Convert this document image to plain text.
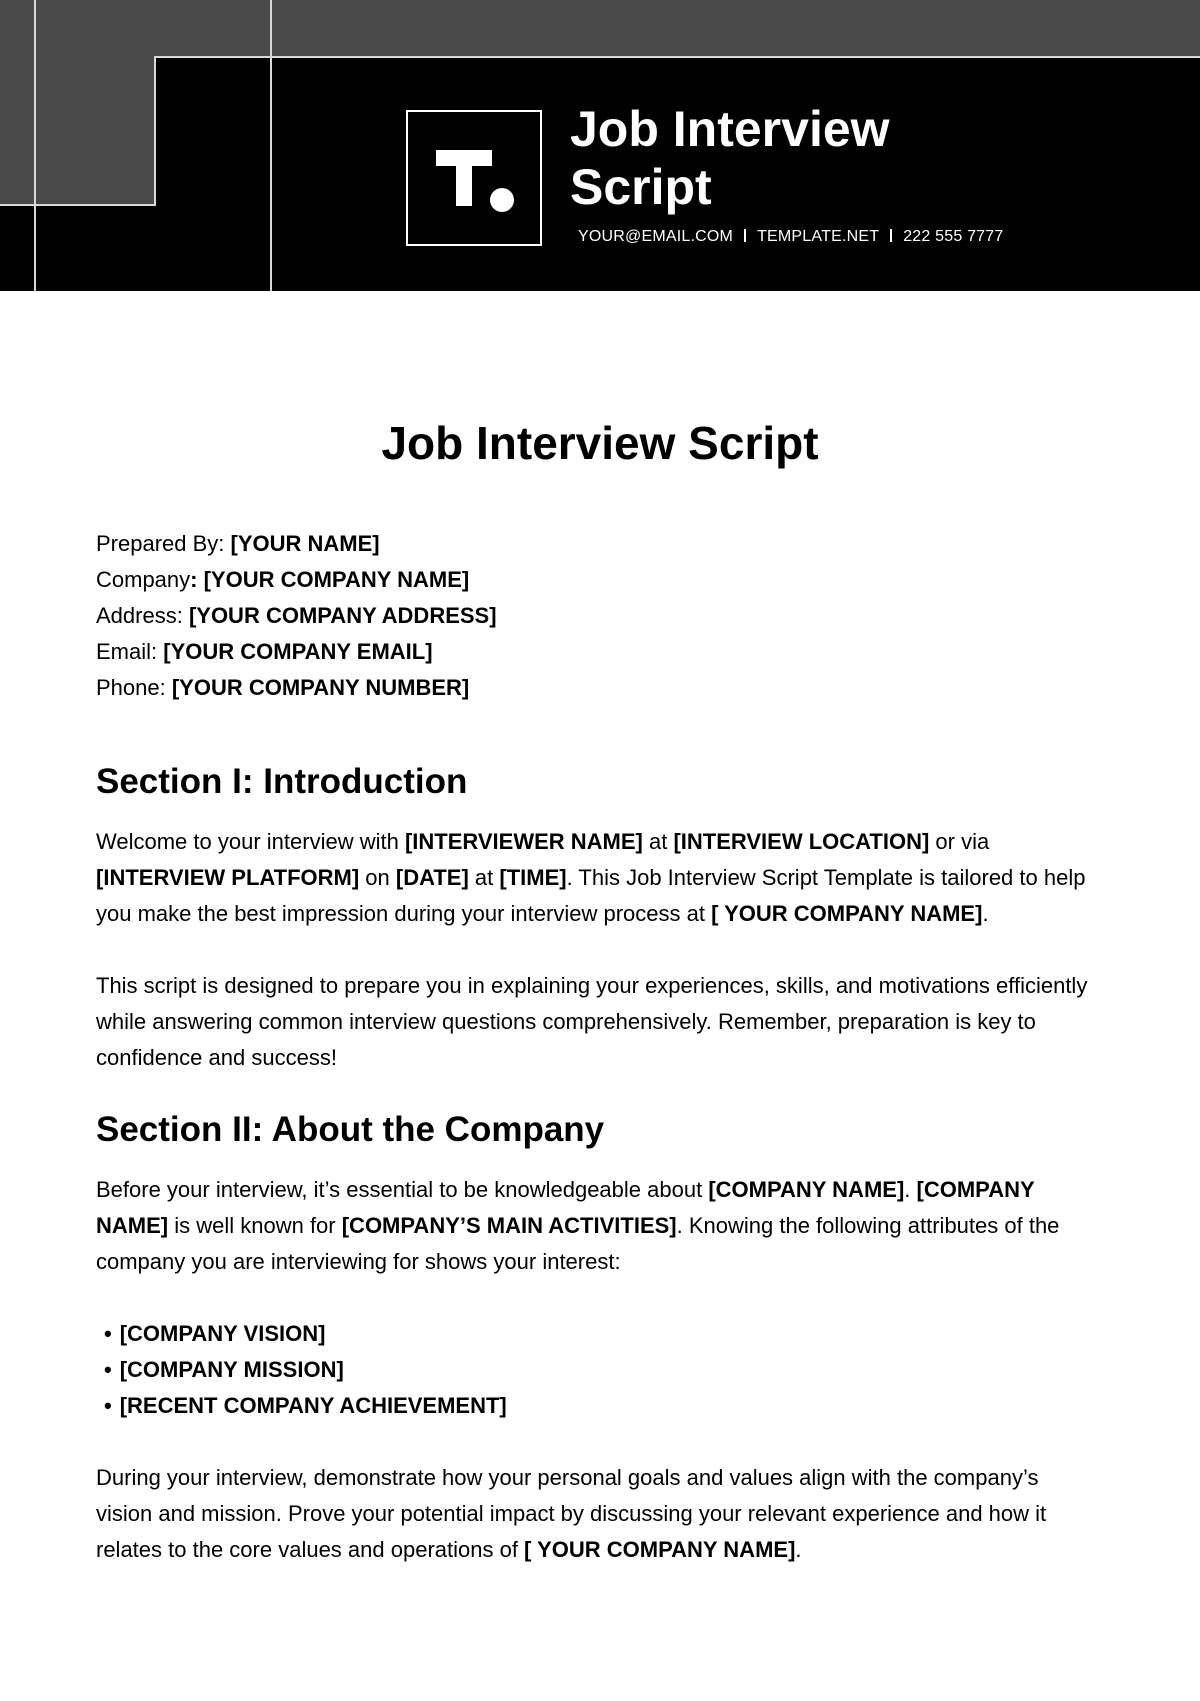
Job Interview
Script
YOUR@EMAIL.COM TEMPLATE.NET 222 555 7777
Job Interview Script
Prepared By: [YOUR NAME]
Company: [YOUR COMPANY NAME]
Address: [YOUR COMPANY ADDRESS]
Email: [YOUR COMPANY EMAIL]
Phone: [YOUR COMPANY NUMBER]
Section I: Introduction

Welcome to your interview with [INTERVIEWER NAME] at [INTERVIEW LOCATION] or via [INTERVIEW PLATFORM] on [DATE] at [TIME]. This Job Interview Script Template is tailored to help you make the best impression during your interview process at [ YOUR COMPANY NAME].

This script is designed to prepare you in explaining your experiences, skills, and motivations efficiently while answering common interview questions comprehensively. Remember, preparation is key to confidence and success!

Section II: About the Company

Before your interview, it’s essential to be knowledgeable about [COMPANY NAME]. [COMPANY NAME] is well known for [COMPANY’S MAIN ACTIVITIES]. Knowing the following attributes of the company you are interviewing for shows your interest:

• [COMPANY VISION]
• [COMPANY MISSION]
• [RECENT COMPANY ACHIEVEMENT]

During your interview, demonstrate how your personal goals and values align with the company’s vision and mission. Prove your potential impact by discussing your relevant experience and how it relates to the core values and operations of [ YOUR COMPANY NAME].
